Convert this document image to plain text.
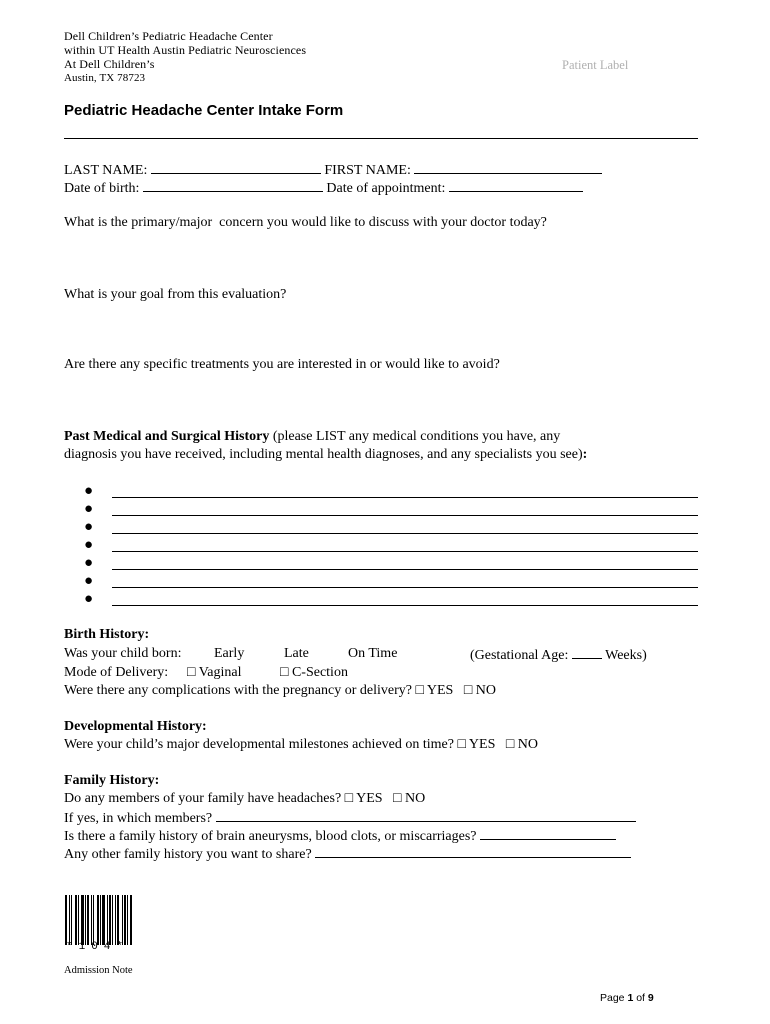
Dell Children’s Pediatric Headache Center
within UT Health Austin Pediatric Neurosciences
At Dell Children’s
Austin, TX 78723
Patient Label
Pediatric Headache Center Intake Form
LAST NAME:	FIRST NAME:
Date of birth:	Date of appointment:
What is the primary/major  concern you would like to discuss with your doctor today?
What is your goal from this evaluation?
Are there any specific treatments you are interested in or would like to avoid?
Past Medical and Surgical History (please LIST any medical conditions you have, any
diagnosis you have received, including mental health diagnoses, and any specialists you see):
●
●
●
●
●
●
●
Birth History:
Was your child born: Early	Late	On Time	(Gestational Age:  Weeks)
Mode of Delivery: □ Vaginal	□ C-Section
Were there any complications with the pregnancy or delivery? □ YES   □ NO
Developmental History:
Were your child’s major developmental milestones achieved on time? □ YES   □ NO
Family History:
Do any members of your family have headaches? □ YES   □ NO
If yes, in which members?
Is there a family history of brain aneurysms, blood clots, or miscarriages?
Any other family history you want to share?
*104*
Admission Note
Page 1 of 9
